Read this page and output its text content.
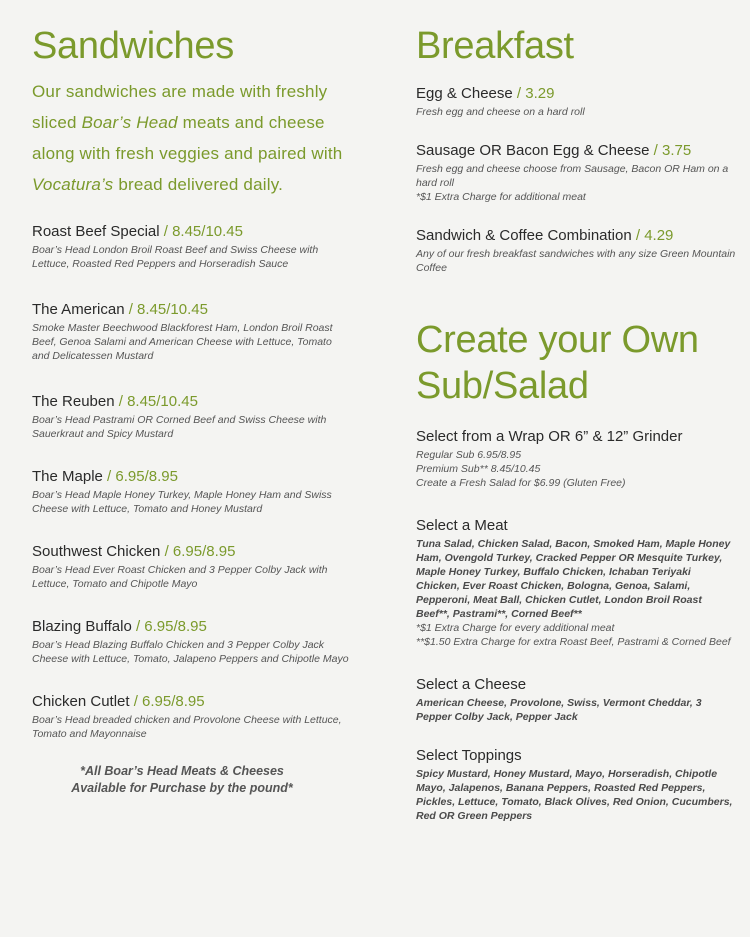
Sandwiches
Our sandwiches are made with freshly sliced Boar’s Head meats and cheese along with fresh veggies and paired with Vocatura’s bread delivered daily.
Roast Beef Special / 8.45/10.45
Boar’s Head London Broil Roast Beef and Swiss Cheese with Lettuce, Roasted Red Peppers and Horseradish Sauce
The American / 8.45/10.45
Smoke Master Beechwood Blackforest Ham, London Broil Roast Beef, Genoa Salami and American Cheese with Lettuce, Tomato and Delicatessen Mustard
The Reuben / 8.45/10.45
Boar’s Head Pastrami OR Corned Beef and Swiss Cheese with Sauerkraut and Spicy Mustard
The Maple / 6.95/8.95
Boar’s Head Maple Honey Turkey, Maple Honey Ham and Swiss Cheese with Lettuce, Tomato and Honey Mustard
Southwest Chicken / 6.95/8.95
Boar’s Head Ever Roast Chicken and 3 Pepper Colby Jack with Lettuce, Tomato and Chipotle Mayo
Blazing Buffalo / 6.95/8.95
Boar’s Head Blazing Buffalo Chicken and 3 Pepper Colby Jack Cheese with Lettuce, Tomato, Jalapeno Peppers and Chipotle Mayo
Chicken Cutlet / 6.95/8.95
Boar’s Head breaded chicken and Provolone Cheese with Lettuce, Tomato and Mayonnaise
*All Boar’s Head Meats & Cheeses
Available for Purchase by the pound*
Breakfast
Egg & Cheese / 3.29
Fresh egg and cheese on a hard roll
Sausage OR Bacon Egg & Cheese / 3.75
Fresh egg and cheese choose from Sausage, Bacon OR Ham on a hard roll
*$1 Extra Charge for additional meat
Sandwich & Coffee Combination / 4.29
Any of our fresh breakfast sandwiches with any size Green Mountain Coffee
Create your Own
Sub/Salad
Select from a Wrap OR 6” & 12” Grinder
Regular Sub 6.95/8.95
Premium Sub** 8.45/10.45
Create a Fresh Salad for $6.99 (Gluten Free)
Select a Meat
Tuna Salad, Chicken Salad, Bacon, Smoked Ham, Maple Honey Ham, Ovengold Turkey, Cracked Pepper OR Mesquite Turkey, Maple Honey Turkey, Buffalo Chicken, Ichaban Teriyaki Chicken, Ever Roast Chicken, Bologna, Genoa, Salami, Pepperoni, Meat Ball, Chicken Cutlet, London Broil Roast Beef**, Pastrami**, Corned Beef**
*$1 Extra Charge for every additional meat
**$1.50 Extra Charge for extra Roast Beef, Pastrami & Corned Beef
Select a Cheese
American Cheese, Provolone, Swiss, Vermont Cheddar, 3 Pepper Colby Jack, Pepper Jack
Select Toppings
Spicy Mustard, Honey Mustard, Mayo, Horseradish, Chipotle Mayo, Jalapenos, Banana Peppers, Roasted Red Peppers, Pickles, Lettuce, Tomato, Black Olives, Red Onion, Cucumbers, Red OR Green Peppers
